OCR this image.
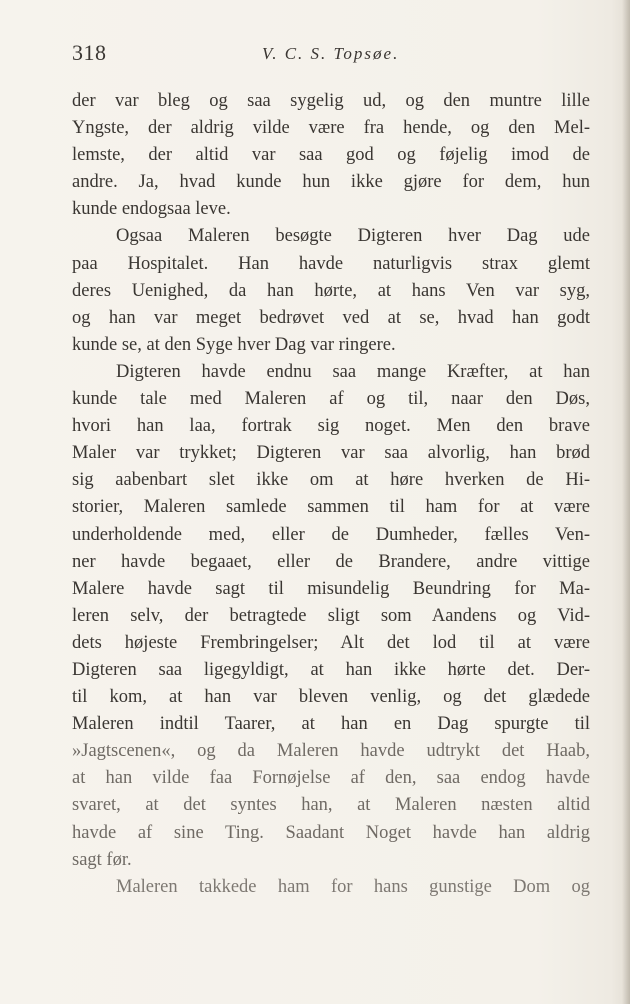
318	V. C. S. Topsøe.
der var bleg og saa sygelig ud, og den muntre lille
Yngste, der aldrig vilde være fra hende, og den Mel-
lemste, der altid var saa god og føjelig imod de
andre. Ja, hvad kunde hun ikke gjøre for dem, hun
kunde endogsaa leve.
Ogsaa Maleren besøgte Digteren hver Dag ude
paa Hospitalet. Han havde naturligvis strax glemt
deres Uenighed, da han hørte, at hans Ven var syg,
og han var meget bedrøvet ved at se, hvad han godt
kunde se, at den Syge hver Dag var ringere.
Digteren havde endnu saa mange Kræfter, at han
kunde tale med Maleren af og til, naar den Døs,
hvori han laa, fortrak sig noget. Men den brave
Maler var trykket; Digteren var saa alvorlig, han brød
sig aabenbart slet ikke om at høre hverken de Hi-
storier, Maleren samlede sammen til ham for at være
underholdende med, eller de Dumheder, fælles Ven-
ner havde begaaet, eller de Brandere, andre vittige
Malere havde sagt til misundelig Beundring for Ma-
leren selv, der betragtede sligt som Aandens og Vid-
dets højeste Frembringelser; Alt det lod til at være
Digteren saa ligegyldigt, at han ikke hørte det. Der-
til kom, at han var bleven venlig, og det glædede
Maleren indtil Taarer, at han en Dag spurgte til
»Jagtscenen«, og da Maleren havde udtrykt det Haab,
at han vilde faa Fornøjelse af den, saa endog havde
svaret, at det syntes han, at Maleren næsten altid
havde af sine Ting. Saadant Noget havde han aldrig
sagt før.
Maleren takkede ham for hans gunstige Dom og
